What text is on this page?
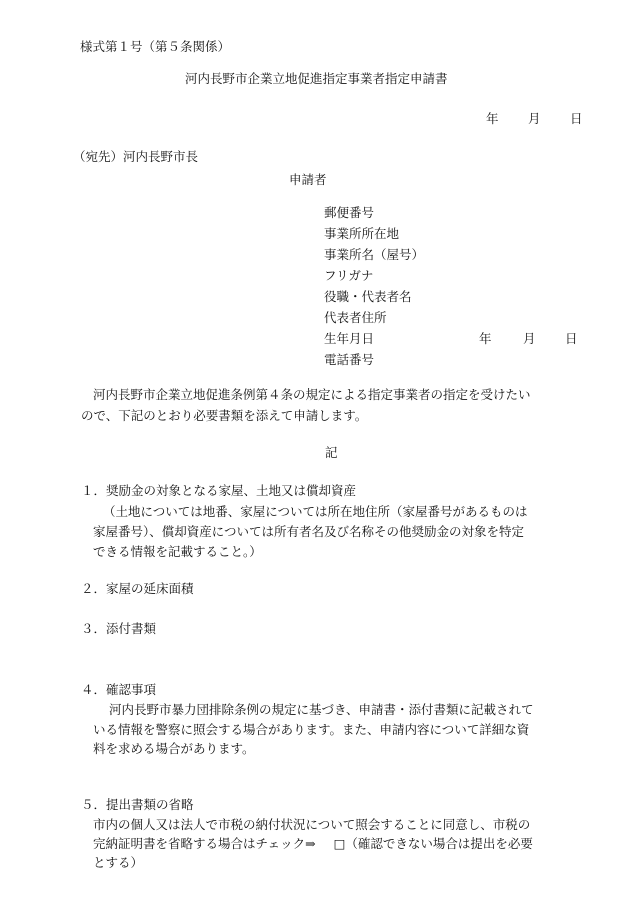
様式第１号（第５条関係）
河内長野市企業立地促進指定事業者指定申請書
年 月 日
（宛先）河内長野市長
申請者
郵便番号
事業所所在地
事業所名（屋号）
フリガナ
役職・代表者名
代表者住所
生年月日	年	月 日
電話番号
河内長野市企業立地促進条例第４条の規定による指定事業者の指定を受けたい
ので、下記のとおり必要書類を添えて申請します。
記
１．奨励金の対象となる家屋、土地又は償却資産
（土地については地番、家屋については所在地住所（家屋番号があるものは
家屋番号）、償却資産については所有者名及び名称その他奨励金の対象を特定
できる情報を記載すること。）
２．家屋の延床面積
３．添付書類
４．確認事項
河内長野市暴力団排除条例の規定に基づき、申請書・添付書類に記載されて
いる情報を警察に照会する場合があります。また、申請内容について詳細な資
料を求める場合があります。
５．提出書類の省略
市内の個人又は法人で市税の納付状況について照会することに同意し、市税の
完納証明書を省略する場合はチェック⇒ □（確認できない場合は提出を必要
とする）
